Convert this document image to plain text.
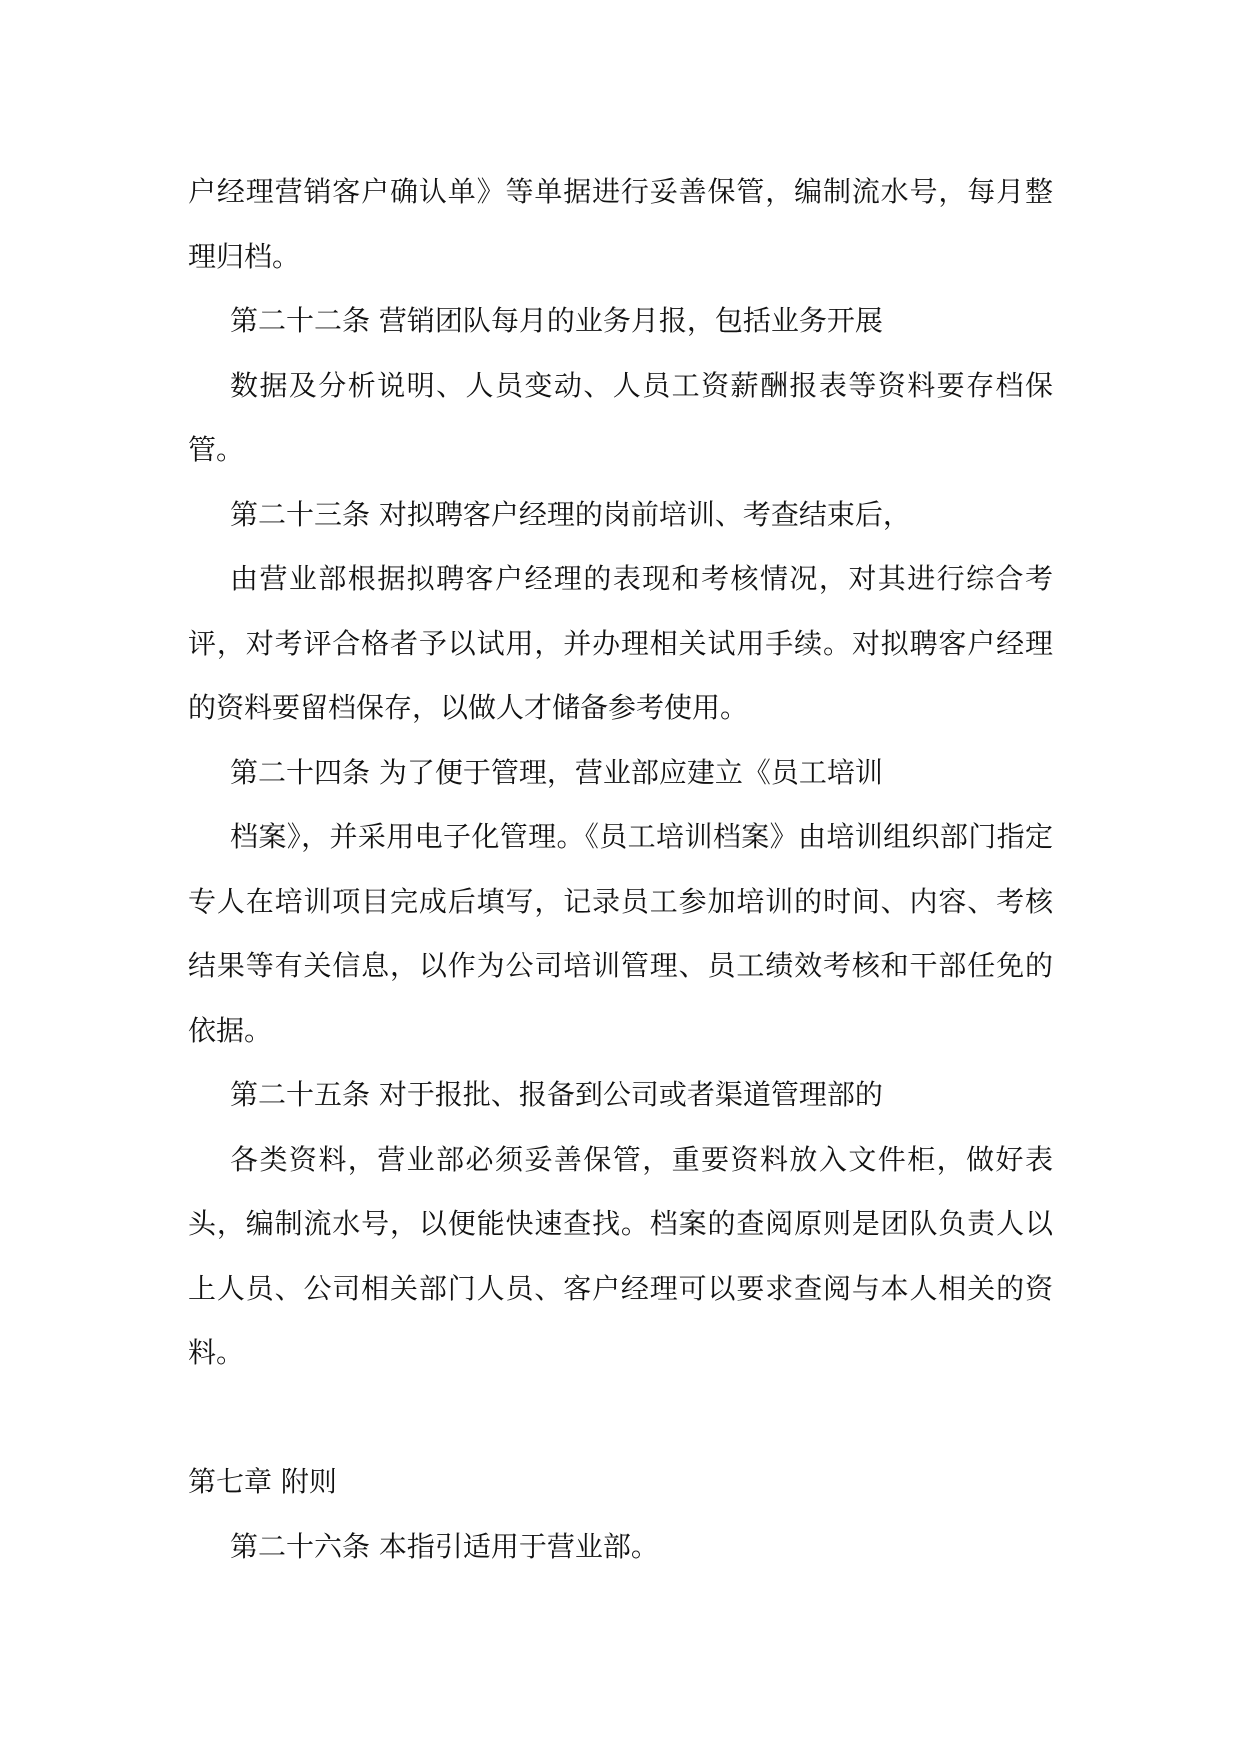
户经理营销客户确认单》等单据进行妥善保管，编制流水号，每月整理归档。

第二十二条 营销团队每月的业务月报，包括业务开展

数据及分析说明、人员变动、人员工资薪酬报表等资料要存档保管。

第二十三条 对拟聘客户经理的岗前培训、考查结束后，

由营业部根据拟聘客户经理的表现和考核情况，对其进行综合考评，对考评合格者予以试用，并办理相关试用手续。对拟聘客户经理的资料要留档保存，以做人才储备参考使用。

第二十四条 为了便于管理，营业部应建立《员工培训

档案》，并采用电子化管理。《员工培训档案》由培训组织部门指定专人在培训项目完成后填写，记录员工参加培训的时间、内容、考核结果等有关信息，以作为公司培训管理、员工绩效考核和干部任免的依据。

第二十五条 对于报批、报备到公司或者渠道管理部的

各类资料，营业部必须妥善保管，重要资料放入文件柜，做好表头，编制流水号，以便能快速查找。档案的查阅原则是团队负责人以上人员、公司相关部门人员、客户经理可以要求查阅与本人相关的资料。

第七章 附则

第二十六条 本指引适用于营业部。
